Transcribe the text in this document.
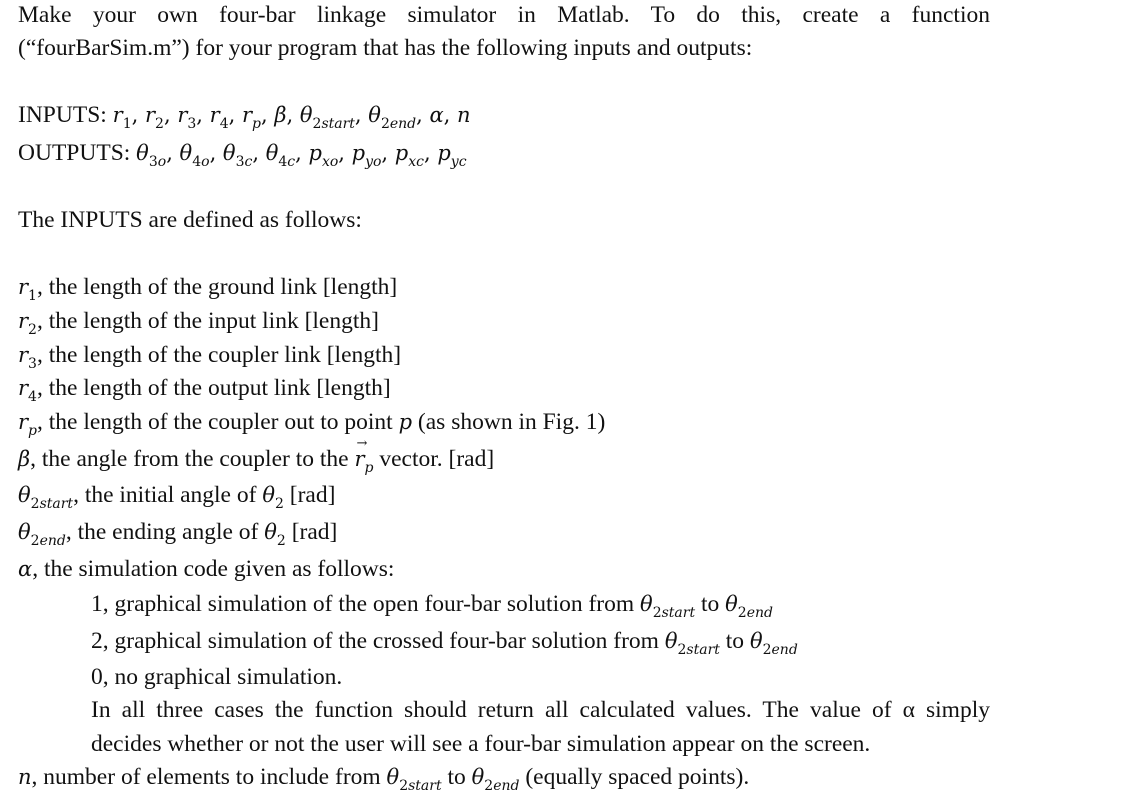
Make your own four-bar linkage simulator in Matlab. To do this, create a function
(“fourBarSim.m”) for your program that has the following inputs and outputs:
INPUTS: $r_1$, $r_2$, $r_3$, $r_4$, $r_p$, β, $\theta_{2start}$, $\theta_{2end}$, α, n
OUTPUTS: $\theta_{3o}$, $\theta_{4o}$, $\theta_{3c}$, $\theta_{4c}$, $p_{xo}$, $p_{yo}$, $p_{xc}$, $p_{yc}$
The INPUTS are defined as follows:
$r_1$, the length of the ground link [length]
$r_2$, the length of the input link [length]
$r_3$, the length of the coupler link [length]
$r_4$, the length of the output link [length]
$r_p$, the length of the coupler out to point p (as shown in Fig. 1)
β, the angle from the coupler to the → $r_p$ vector. [rad]
$\theta_{2start}$, the initial angle of $\theta_2$ [rad]
$\theta_{2end}$, the ending angle of $\theta_2$ [rad]
α, the simulation code given as follows:
1, graphical simulation of the open four-bar solution from $\theta_{2start}$ to $\theta_{2end}$
2, graphical simulation of the crossed four-bar solution from $\theta_{2start}$ to $\theta_{2end}$
0, no graphical simulation.
In all three cases the function should return all calculated values. The value of α simply
decides whether or not the user will see a four-bar simulation appear on the screen.
n, number of elements to include from $\theta_{2start}$ to $\theta_{2end}$ (equally spaced points).
